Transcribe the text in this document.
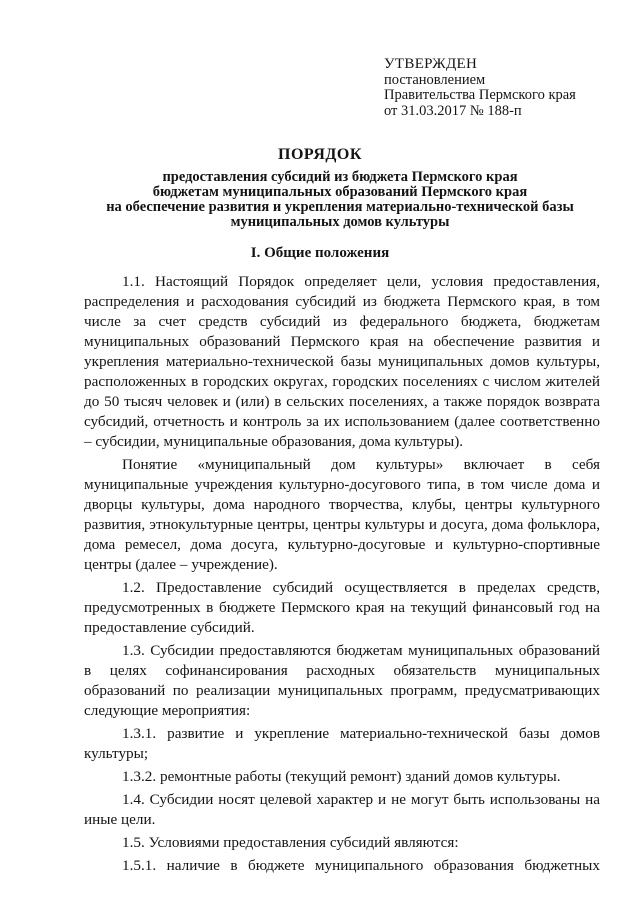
УТВЕРЖДЕН
постановлением
Правительства Пермского края
от 31.03.2017 № 188-п
ПОРЯДОК
предоставления субсидий из бюджета Пермского края
бюджетам муниципальных образований Пермского края
на обеспечение развития и укрепления материально-технической базы
муниципальных домов культуры
I. Общие положения

1.1. Настоящий Порядок определяет цели, условия предоставления, распределения и расходования субсидий из бюджета Пермского края, в том числе за счет средств субсидий из федерального бюджета, бюджетам муниципальных образований Пермского края на обеспечение развития и укрепления материально-технической базы муниципальных домов культуры, расположенных в городских округах, городских поселениях с числом жителей до 50 тысяч человек и (или) в сельских поселениях, а также порядок возврата субсидий, отчетность и контроль за их использованием (далее соответственно – субсидии, муниципальные образования, дома культуры).

Понятие «муниципальный дом культуры» включает в себя муниципальные учреждения культурно-досугового типа, в том числе дома и дворцы культуры, дома народного творчества, клубы, центры культурного развития, этнокультурные центры, центры культуры и досуга, дома фольклора, дома ремесел, дома досуга, культурно-досуговые и культурно-спортивные центры (далее – учреждение).

1.2. Предоставление субсидий осуществляется в пределах средств, предусмотренных в бюджете Пермского края на текущий финансовый год на предоставление субсидий.

1.3. Субсидии предоставляются бюджетам муниципальных образований в целях софинансирования расходных обязательств муниципальных образований по реализации муниципальных программ, предусматривающих следующие мероприятия:

1.3.1. развитие и укрепление материально-технической базы домов культуры;

1.3.2. ремонтные работы (текущий ремонт) зданий домов культуры.

1.4. Субсидии носят целевой характер и не могут быть использованы на иные цели.

1.5. Условиями предоставления субсидий являются:

1.5.1. наличие в бюджете муниципального образования бюджетных
